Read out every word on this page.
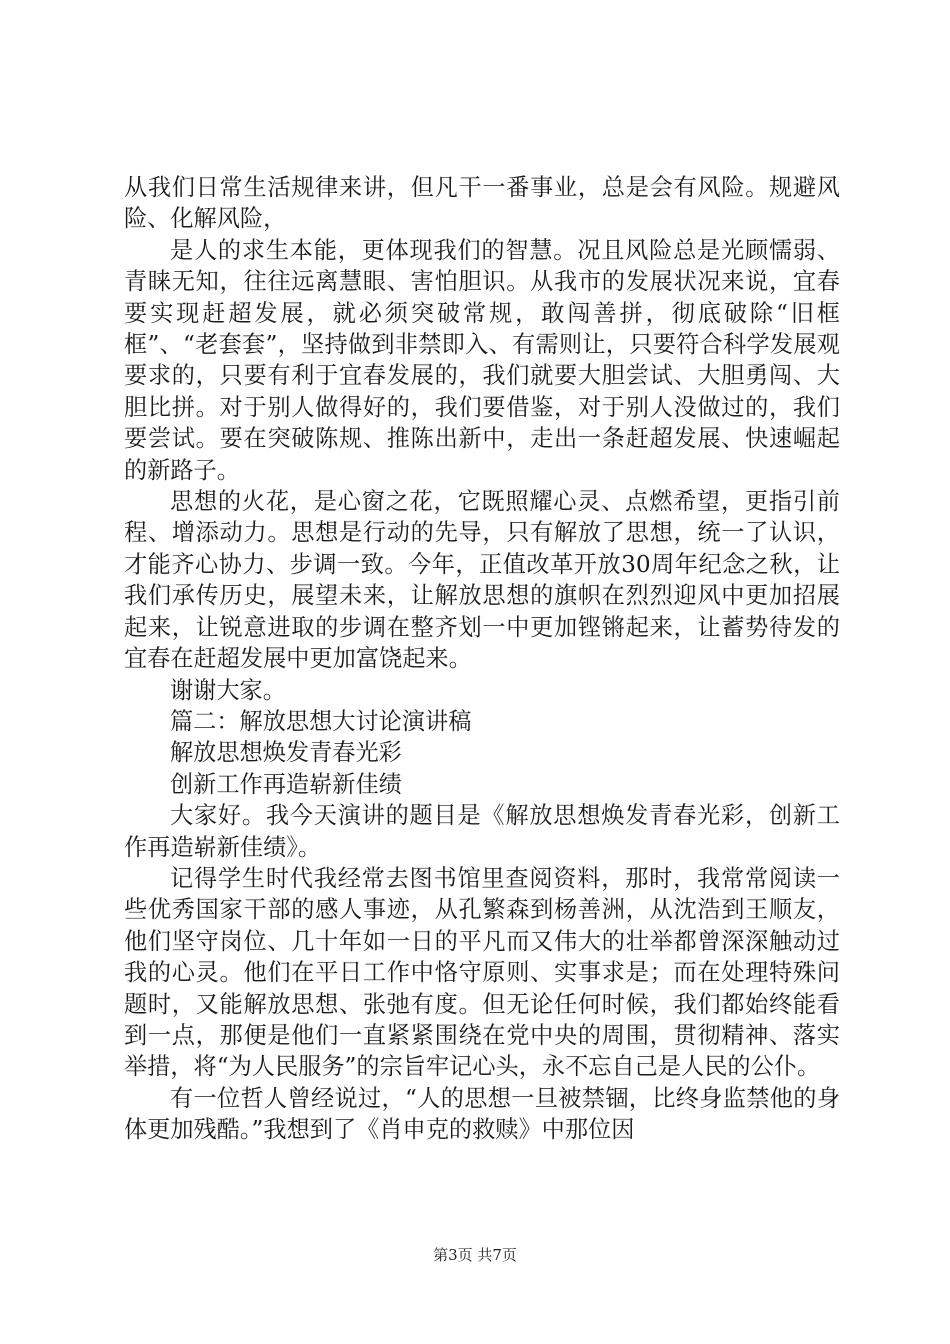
从我们日常生活规律来讲，但凡干一番事业，总是会有风险。规避风险、化解风险，

是人的求生本能，更体现我们的智慧。况且风险总是光顾懦弱、青睐无知，往往远离慧眼、害怕胆识。从我市的发展状况来说，宜春要实现赶超发展，就必须突破常规，敢闯善拼，彻底破除“旧框框”、“老套套”，坚持做到非禁即入、有需则让，只要符合科学发展观要求的，只要有利于宜春发展的，我们就要大胆尝试、大胆勇闯、大胆比拼。对于别人做得好的，我们要借鉴，对于别人没做过的，我们要尝试。要在突破陈规、推陈出新中，走出一条赶超发展、快速崛起的新路子。

思想的火花，是心窗之花，它既照耀心灵、点燃希望，更指引前程、增添动力。思想是行动的先导，只有解放了思想，统一了认识，才能齐心协力、步调一致。今年，正值改革开放30周年纪念之秋，让我们承传历史，展望未来，让解放思想的旗帜在烈烈迎风中更加招展起来，让锐意进取的步调在整齐划一中更加铿锵起来，让蓄势待发的宜春在赶超发展中更加富饶起来。

谢谢大家。

篇二：解放思想大讨论演讲稿

解放思想焕发青春光彩

创新工作再造崭新佳绩

大家好。我今天演讲的题目是《解放思想焕发青春光彩，创新工作再造崭新佳绩》。

记得学生时代我经常去图书馆里查阅资料，那时，我常常阅读一些优秀国家干部的感人事迹，从孔繁森到杨善洲，从沈浩到王顺友，他们坚守岗位、几十年如一日的平凡而又伟大的壮举都曾深深触动过我的心灵。他们在平日工作中恪守原则、实事求是；而在处理特殊问题时，又能解放思想、张弛有度。但无论任何时候，我们都始终能看到一点，那便是他们一直紧紧围绕在党中央的周围，贯彻精神、落实举措，将“为人民服务”的宗旨牢记心头，永不忘自己是人民的公仆。

有一位哲人曾经说过，“人的思想一旦被禁锢，比终身监禁他的身体更加残酷。”我想到了《肖申克的救赎》中那位因

第3页 共7页
